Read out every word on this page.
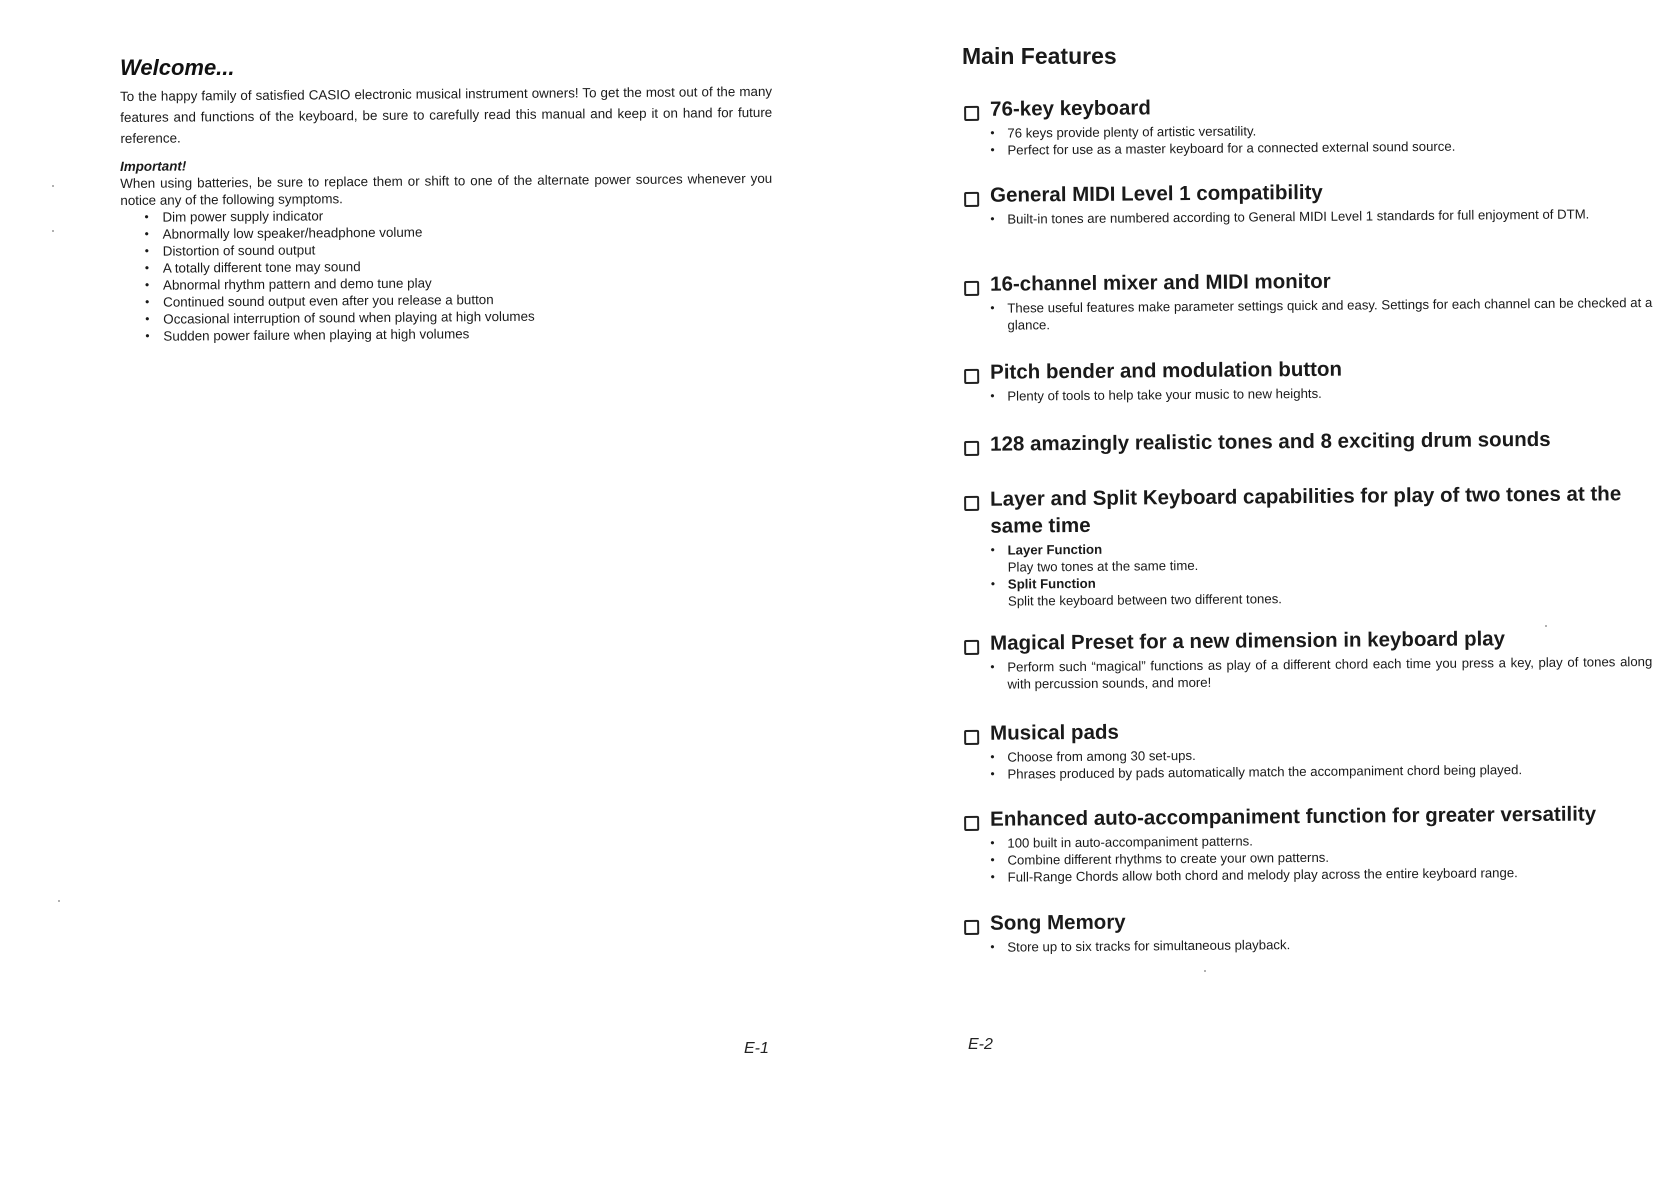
Welcome...

To the happy family of satisfied CASIO electronic musical instrument owners! To get the most out of the many features and functions of the keyboard, be sure to carefully read this manual and keep it on hand for future reference.

Important!

When using batteries, be sure to replace them or shift to one of the alternate power sources whenever you notice any of the following symptoms.

• Dim power supply indicator
• Abnormally low speaker/headphone volume
• Distortion of sound output
• A totally different tone may sound
• Abnormal rhythm pattern and demo tune play
• Continued sound output even after you release a button
• Occasional interruption of sound when playing at high volumes
• Sudden power failure when playing at high volumes
E-1
Main Features
76-key keyboard
• 76 keys provide plenty of artistic versatility.
• Perfect for use as a master keyboard for a connected external sound source.
General MIDI Level 1 compatibility
• Built-in tones are numbered according to General MIDI Level 1 standards for full enjoyment of DTM.
16-channel mixer and MIDI monitor
• These useful features make parameter settings quick and easy. Settings for each channel can be checked at a glance.
Pitch bender and modulation button
• Plenty of tools to help take your music to new heights.
128 amazingly realistic tones and 8 exciting drum sounds
Layer and Split Keyboard capabilities for play of two tones at the same time
• Layer Function
Play two tones at the same time.
• Split Function
Split the keyboard between two different tones.
Magical Preset for a new dimension in keyboard play
• Perform such “magical” functions as play of a different chord each time you press a key, play of tones along with percussion sounds, and more!
Musical pads
• Choose from among 30 set-ups.
• Phrases produced by pads automatically match the accompaniment chord being played.
Enhanced auto-accompaniment function for greater versatility
• 100 built in auto-accompaniment patterns.
• Combine different rhythms to create your own patterns.
• Full-Range Chords allow both chord and melody play across the entire keyboard range.
Song Memory
• Store up to six tracks for simultaneous playback.
E-2
